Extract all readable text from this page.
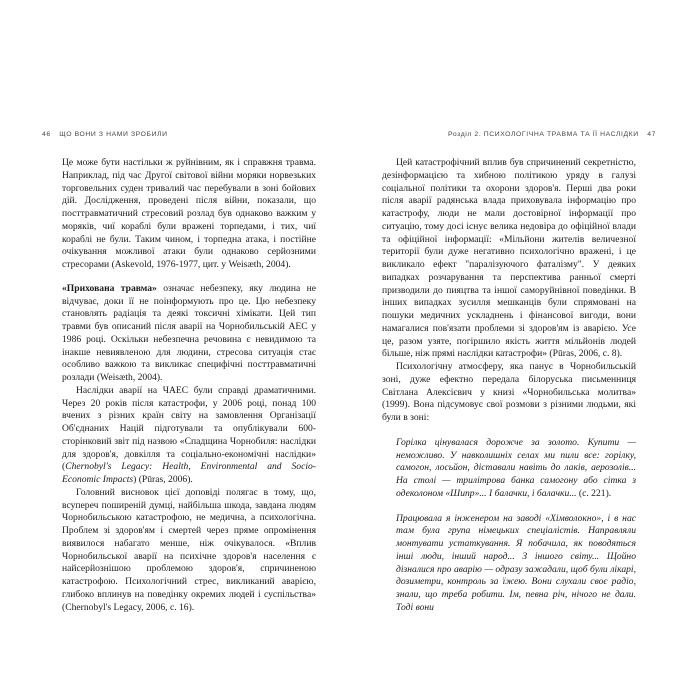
46 ЩО ВОНИ З НАМИ ЗРОБИЛИ

Це може бути настільки ж руйнівним, як і справжня травма. Наприклад, під час Другої світової війни моряки норвезьких торговельних суден тривалий час перебували в зоні бойових дій. Дослідження, проведені після війни, показали, що посттравматичний стресовий розлад був однаково важким у моряків, чиї кораблі були вражені торпедами, і тих, чиї кораблі не були. Таким чином, і торпедна атака, і постійне очікування можливої атаки були однаково серйозними стресорами (Askevold, 1976-1977, цит. у Weisæth, 2004).

«Прихована травма» означає небезпеку, яку людина не відчуває, доки її не поінформують про це. Цю небезпеку становлять радіація та деякі токсичні хімікати. Цей тип травми був описаний після аварії на Чорнобильській АЕС у 1986 році. Оскільки небезпечна речовина є невидимою та інакше невиявленою для людини, стресова ситуація стає особливо важкою та викликає специфічні посттравматичні розлади (Weisæth, 2004).

Наслідки аварії на ЧАЕС були справді драматичними. Через 20 років після катастрофи, у 2006 році, понад 100 вчених з різних країн світу на замовлення Організації Об'єднаних Націй підготували та опублікували 600-сторінковий звіт під назвою «Спадщина Чорнобиля: наслідки для здоров'я, довкілля та соціально-економічні наслідки» (Chernobyl's Legacy: Health, Environmental and Socio-Economic Impacts) (Pūras, 2006).

Головний висновок цієї доповіді полягає в тому, що, всупереч поширеній думці, найбільша шкода, завдана людям Чорнобильською катастрофою, не медична, а психологічна. Проблем зі здоров'ям і смертей через пряме опромінення виявилося набагато менше, ніж очікувалося. «Вплив Чорнобильської аварії на психічне здоров'я населення є найсерйознішою проблемою здоров'я, спричиненою катастрофою. Психологічний стрес, викликаний аварією, глибоко вплинув на поведінку окремих людей і суспільства» (Chernobyl's Legacy, 2006, с. 16).

Розділ 2. ПСИХОЛОГІЧНА ТРАВМА ТА ЇЇ НАСЛІДКИ 47

Цей катастрофічний вплив був спричинений секретністю, дезінформацією та хибною політикою уряду в галузі соціальної політики та охорони здоров'я. Перші два роки після аварії радянська влада приховувала інформацію про катастрофу, люди не мали достовірної інформації про ситуацію, тому досі існує велика недовіра до офіційної влади та офіційної інформації: «Мільйони жителів величезної території були дуже негативно психологічно вражені, і це викликало ефект "паралізуючого фаталізму". У деяких випадках розчарування та перспектива ранньої смерті призводили до пияцтва та іншої саморуйнівної поведінки. В інших випадках зусилля мешканців були спрямовані на пошуки медичних ускладнень і фінансової вигоди, вони намагалися пов'язати проблеми зі здоров'ям із аварією. Усе це, разом узяте, погіршило якість життя мільйонів людей більше, ніж прямі наслідки катастрофи» (Pūras, 2006, с. 8).

Психологічну атмосферу, яка панує в Чорнобильській зоні, дуже ефектно передала білоруська письменниця Світлана Алексієвич у книзі «Чорнобильська молитва» (1999). Вона підсумовує свої розмови з різними людьми, які були в зоні:

Горілка цінувалася дорожче за золото. Купити — неможливо. У навколишніх селах ми пили все: горілку, самогон, лосьйон, діставали навіть до лаків, аерозолів... На столі — трилітрова банка самогону або сітка з одеколоном «Шипр»... І балачки, і балачки... (с. 221).

Працювала я інженером на заводі «Хімволокно», і в нас там була група німецьких спеціалістів. Направляли монтувати устаткування. Я побачила, як поводяться інші люди, інший народ... З іншого світу... Щойно дізналися про аварію — одразу зажадали, щоб були лікарі, дозиметри, контроль за їжею. Вони слухали своє радіо, знали, що треба робити. Ім, певна річ, нічого не дали. Тоді вони
